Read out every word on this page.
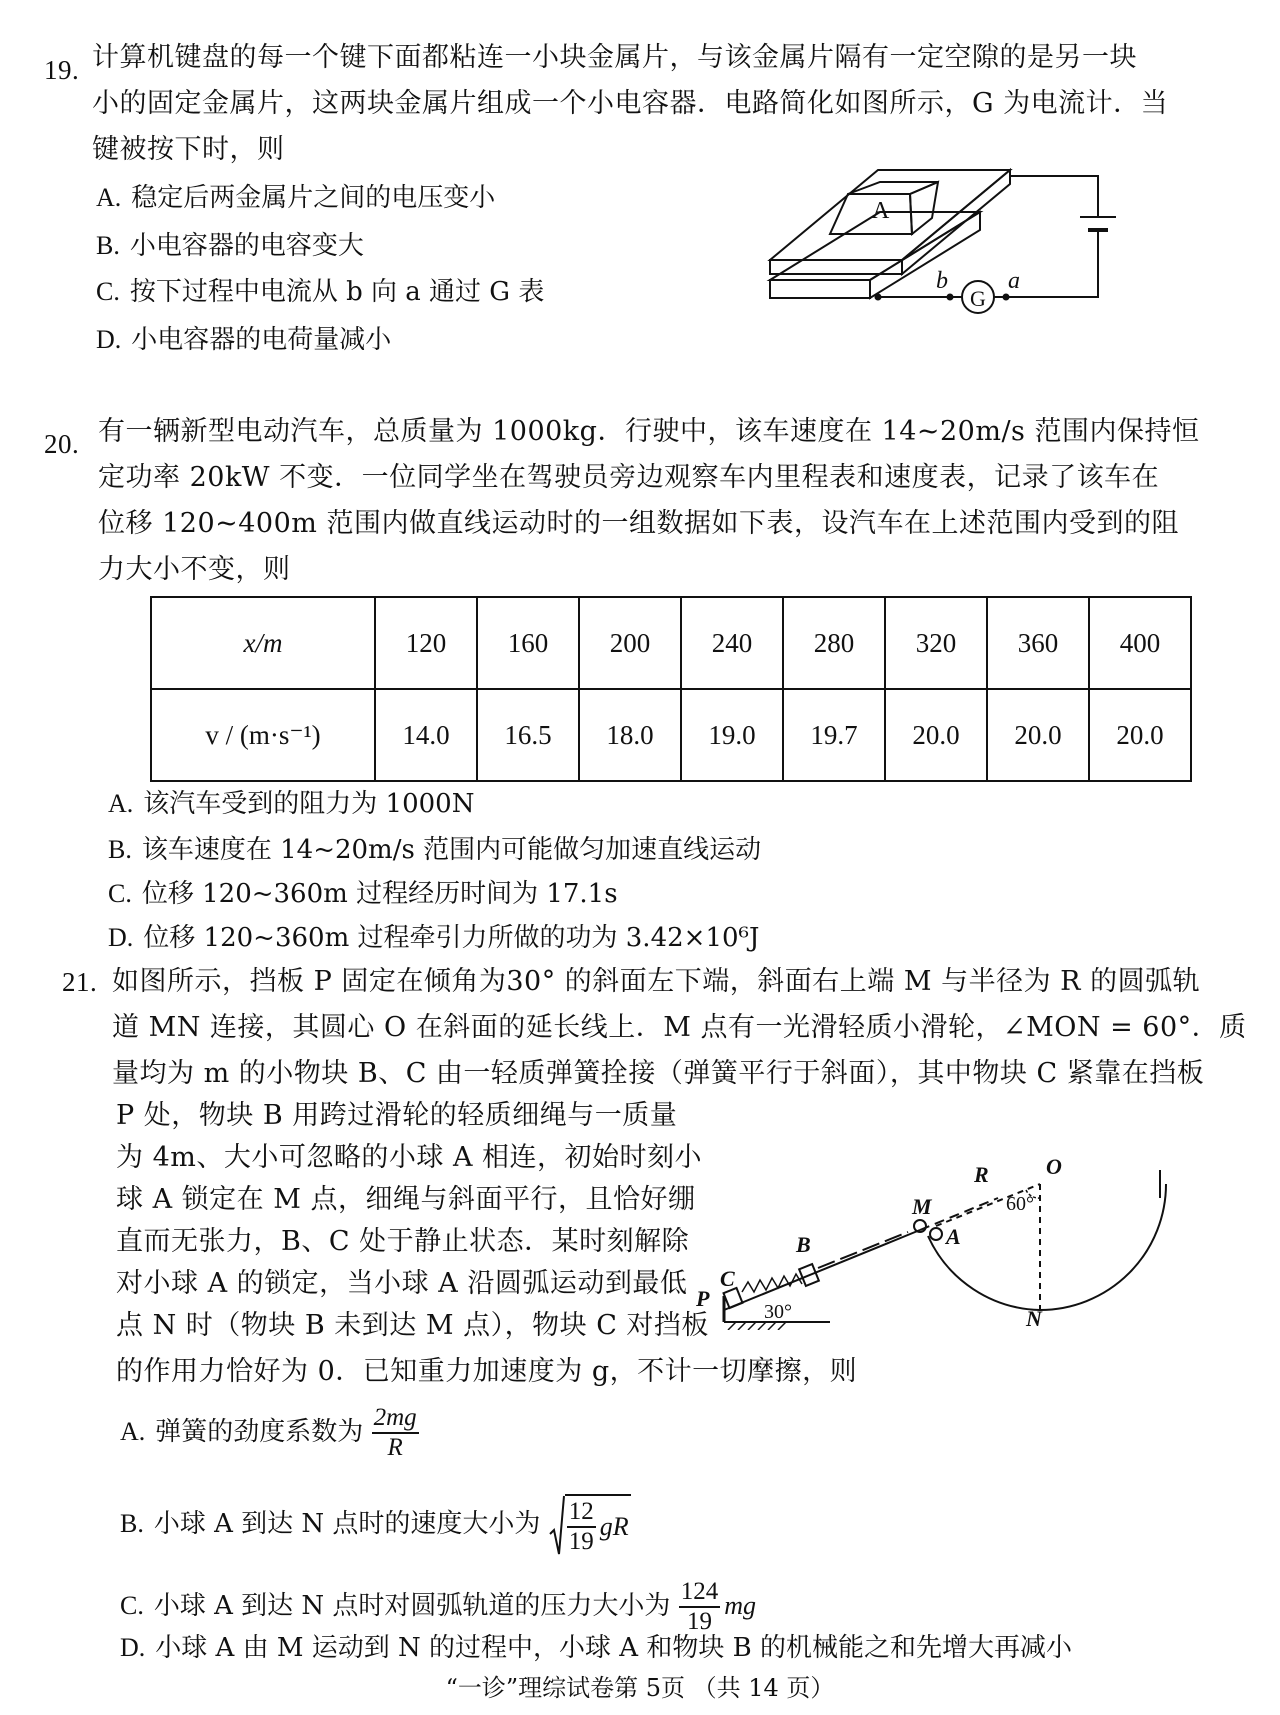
19. 计算机键盘的每一个键下面都粘连一小块金属片，与该金属片隔有一定空隙的是另一块
小的固定金属片，这两块金属片组成一个小电容器．电路简化如图所示，G 为电流计．当
键被按下时，则
A. 稳定后两金属片之间的电压变小
B. 小电容器的电容变大
C. 按下过程中电流从 b 向 a 通过 G 表
D. 小电容器的电荷量减小
A
G
b	a
20. 有一辆新型电动汽车，总质量为 1000kg．行驶中，该车速度在 14~20m/s 范围内保持恒
定功率 20kW 不变．一位同学坐在驾驶员旁边观察车内里程表和速度表，记录了该车在
位移 120~400m 范围内做直线运动时的一组数据如下表，设汽车在上述范围内受到的阻
力大小不变，则
x/m	120	160	200	240	280	320	360	400
v / (m·s⁻¹)	14.0	16.5	18.0	19.0	19.7	20.0	20.0	20.0
A. 该汽车受到的阻力为 1000N
B. 该车速度在 14~20m/s 范围内可能做匀加速直线运动
C. 位移 120~360m 过程经历时间为 17.1s
D. 位移 120~360m 过程牵引力所做的功为 3.42×10⁶J
21. 如图所示，挡板 P 固定在倾角为30° 的斜面左下端，斜面右上端 M 与半径为 R 的圆弧轨
道 MN 连接，其圆心 O 在斜面的延长线上．M 点有一光滑轻质小滑轮，∠MON = 60°．质
量均为 m 的小物块 B、C 由一轻质弹簧拴接（弹簧平行于斜面），其中物块 C 紧靠在挡板
P 处，物块 B 用跨过滑轮的轻质细绳与一质量
为 4m、大小可忽略的小球 A 相连，初始时刻小
球 A 锁定在 M 点，细绳与斜面平行，且恰好绷
直而无张力，B、C 处于静止状态．某时刻解除
对小球 A 的锁定，当小球 A 沿圆弧运动到最低
点 N 时（物块 B 未到达 M 点），物块 C 对挡板
的作用力恰好为 0．已知重力加速度为 g，不计一切摩擦，则
R	O
M
A
B
C
P
N
60°
30°
A. 弹簧的劲度系数为 $\frac{2mg}{R}$
B. 小球 A 到达 N 点时的速度大小为 $\frac{12}{19}$ gR
C. 小球 A 到达 N 点时对圆弧轨道的压力大小为 $\frac{124}{19}$ mg
D. 小球 A 由 M 运动到 N 的过程中，小球 A 和物块 B 的机械能之和先增大再减小
“一诊”理综试卷第 5页 （共 14 页）
